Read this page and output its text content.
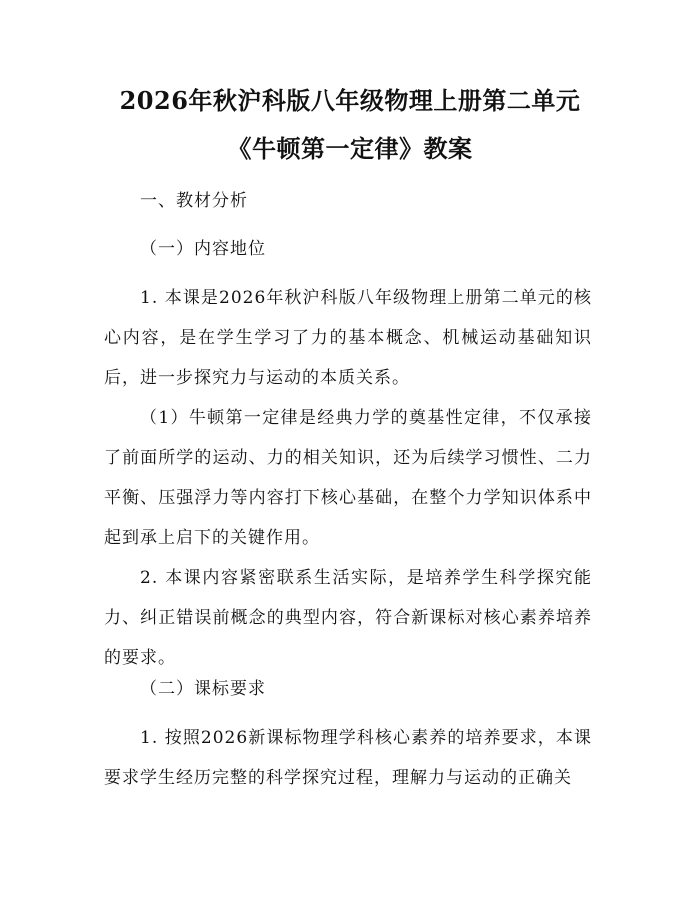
2026年秋沪科版八年级物理上册第二单元
《牛顿第一定律》教案
一、教材分析
（一）内容地位
1. 本课是2026年秋沪科版八年级物理上册第二单元的核心内容，是在学生学习了力的基本概念、机械运动基础知识后，进一步探究力与运动的本质关系。
（1）牛顿第一定律是经典力学的奠基性定律，不仅承接了前面所学的运动、力的相关知识，还为后续学习惯性、二力平衡、压强浮力等内容打下核心基础，在整个力学知识体系中起到承上启下的关键作用。
2. 本课内容紧密联系生活实际，是培养学生科学探究能力、纠正错误前概念的典型内容，符合新课标对核心素养培养的要求。
（二）课标要求
1. 按照2026新课标物理学科核心素养的培养要求，本课要求学生经历完整的科学探究过程，理解力与运动的正确关
